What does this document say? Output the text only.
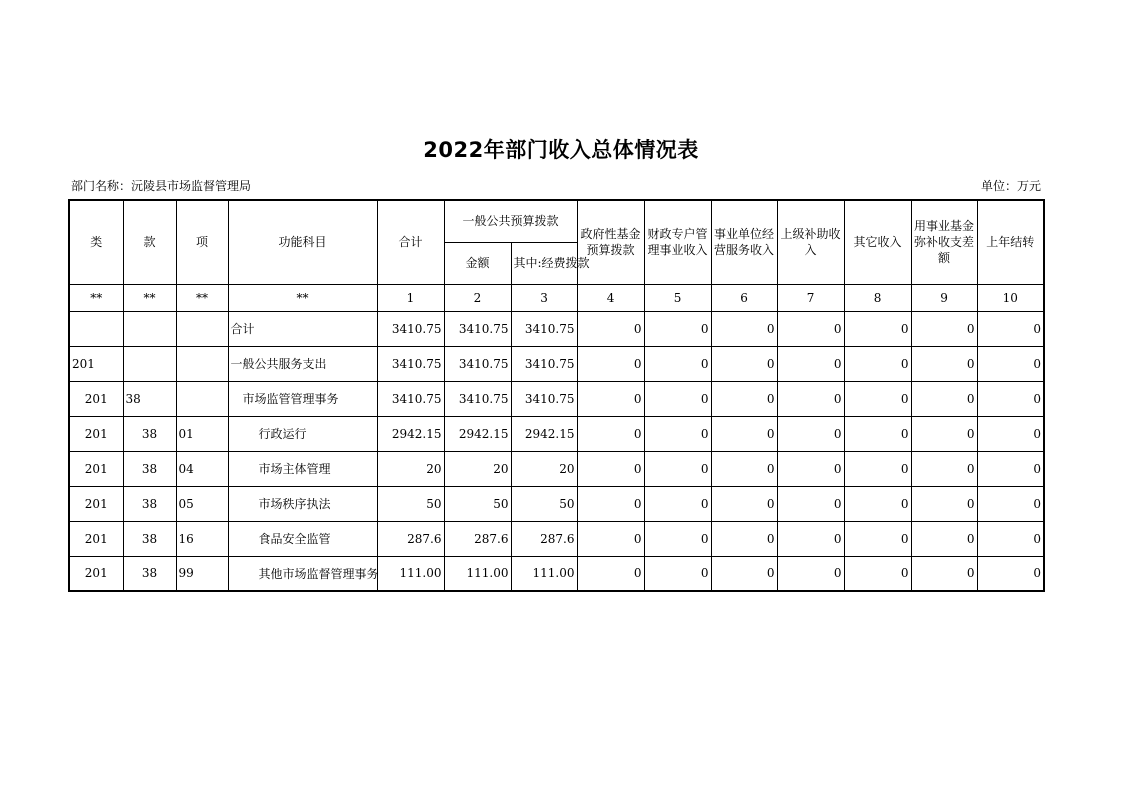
2022年部门收入总体情况表
部门名称：沅陵县市场监督管理局	单位：万元
类	款	项	功能科目	合计	一般公共预算拨款		政府性基金预算拨款	财政专户管理事业收入	事业单位经营服务收入	上级补助收入	其它收入	用事业基金弥补收支差额	上年结转
					金额	其中:经费拨款							
**	**	**	**	1	2	3	4	5	6	7	8	9	10
			合计	3410.75	3410.75	3410.75	0	0	0	0	0	0	0
201			一般公共服务支出	3410.75	3410.75	3410.75	0	0	0	0	0	0	0
201	38		市场监管管理事务	3410.75	3410.75	3410.75	0	0	0	0	0	0	0
201	38	01	行政运行	2942.15	2942.15	2942.15	0	0	0	0	0	0	0
201	38	04	市场主体管理	20	20	20	0	0	0	0	0	0	0
201	38	05	市场秩序执法	50	50	50	0	0	0	0	0	0	0
201	38	16	食品安全监管	287.6	287.6	287.6	0	0	0	0	0	0	0
201	38	99	其他市场监督管理事务	111.00	111.00	111.00	0	0	0	0	0	0	0
